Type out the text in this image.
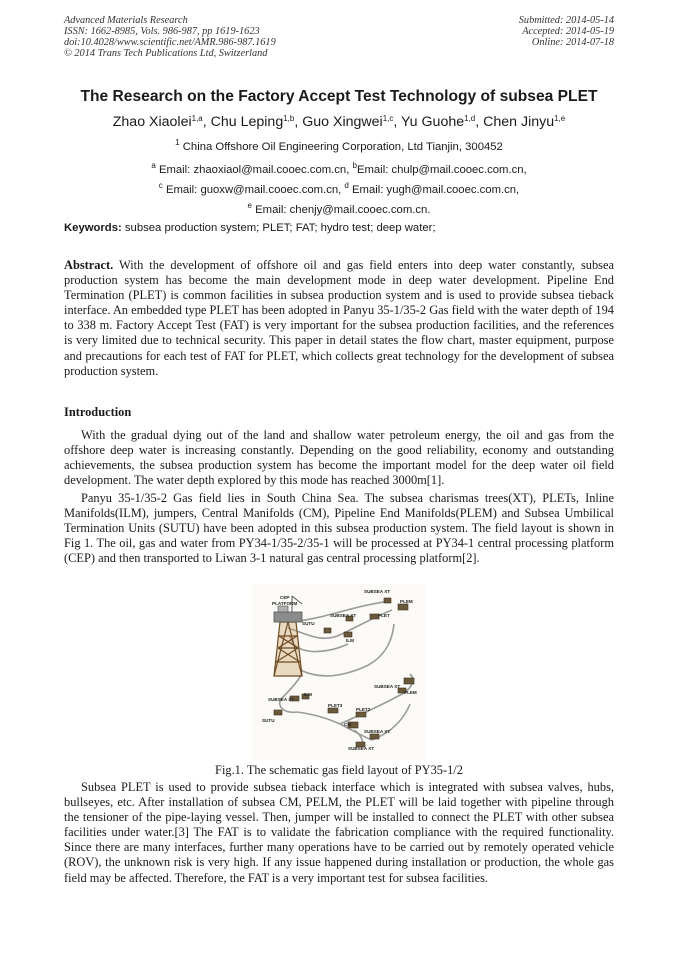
Advanced Materials Research
ISSN: 1662-8985, Vols. 986-987, pp 1619-1623
doi:10.4028/www.scientific.net/AMR.986-987.1619
© 2014 Trans Tech Publications Ltd, Switzerland
Submitted: 2014-05-14
Accepted: 2014-05-19
Online: 2014-07-18
The Research on the Factory Accept Test Technology of subsea PLET
Zhao Xiaolei$^{1,a}$, Chu Leping$^{1,b}$, Guo Xingwei$^{1,c}$, Yu Guohe$^{1,d}$, Chen Jinyu$^{1,e}$
$^1$ China Offshore Oil Engineering Corporation, Ltd Tianjin, 300452
$^a$ Email: zhaoxiaol@mail.cooec.com.cn, $^b$Email: chulp@mail.cooec.com.cn,
$^c$ Email: guoxw@mail.cooec.com.cn, $^d$ Email: yugh@mail.cooec.com.cn,
$^e$ Email: chenjy@mail.cooec.com.cn.
Keywords: subsea production system; PLET; FAT; hydro test; deep water;
Abstract. With the development of offshore oil and gas field enters into deep water constantly, subsea production system has become the main development mode in deep water development. Pipeline End Termination (PLET) is common facilities in subsea production system and is used to provide subsea tieback interface. An embedded type PLET has been adopted in Panyu 35-1/35-2 Gas field with the water depth of 194 to 338 m. Factory Accept Test (FAT) is very important for the subsea production facilities, and the references is very limited due to technical security. This paper in detail states the flow chart, master equipment, purpose and precautions for each test of FAT for PLET, which collects great technology for the development of subsea production system.
Introduction
With the gradual dying out of the land and shallow water petroleum energy, the oil and gas from the offshore deep water is increasing constantly. Depending on the good reliability, economy and outstanding achievements, the subsea production system has become the important model for the deep water oil field development. The water depth explored by this mode has reached 3000m[1].
Panyu 35-1/35-2 Gas field lies in South China Sea. The subsea charismas trees(XT), PLETs, Inline Manifolds(ILM), jumpers, Central Manifolds (CM), Pipeline End Manifolds(PLEM) and Subsea Umbilical Termination Units (SUTU) have been adopted in this subsea production system. The field layout is shown in Fig 1. The oil, gas and water from PY34-1/35-2/35-1 will be processed at PY34-1 central processing platform (CEP) and then transported to Liwan 3-1 natural gas central processing platform[2].
CEP
PLATFORM
SUBSEA XT
PLEM
SUBSEA XT	PLET
SUTU
ILM
SUBSEA XT
PLEM
SUBSEA XT
ILM
SUTU
PLET3
PLET2
CM
SUBSEA XT
SUBSEA XT
Fig.1. The schematic gas field layout of PY35-1/2
Subsea PLET is used to provide subsea tieback interface which is integrated with subsea valves, hubs, bullseyes, etc. After installation of subsea CM, PELM, the PLET will be laid together with pipeline through the tensioner of the pipe-laying vessel. Then, jumper will be installed to connect the PLET with other subsea facilities under water.[3] The FAT is to validate the fabrication compliance with the required functionality. Since there are many interfaces, further many operations have to be carried out by remotely operated vehicle (ROV), the unknown risk is very high. If any issue happened during installation or production, the whole gas field may be affected. Therefore, the FAT is a very important test for subsea facilities.
